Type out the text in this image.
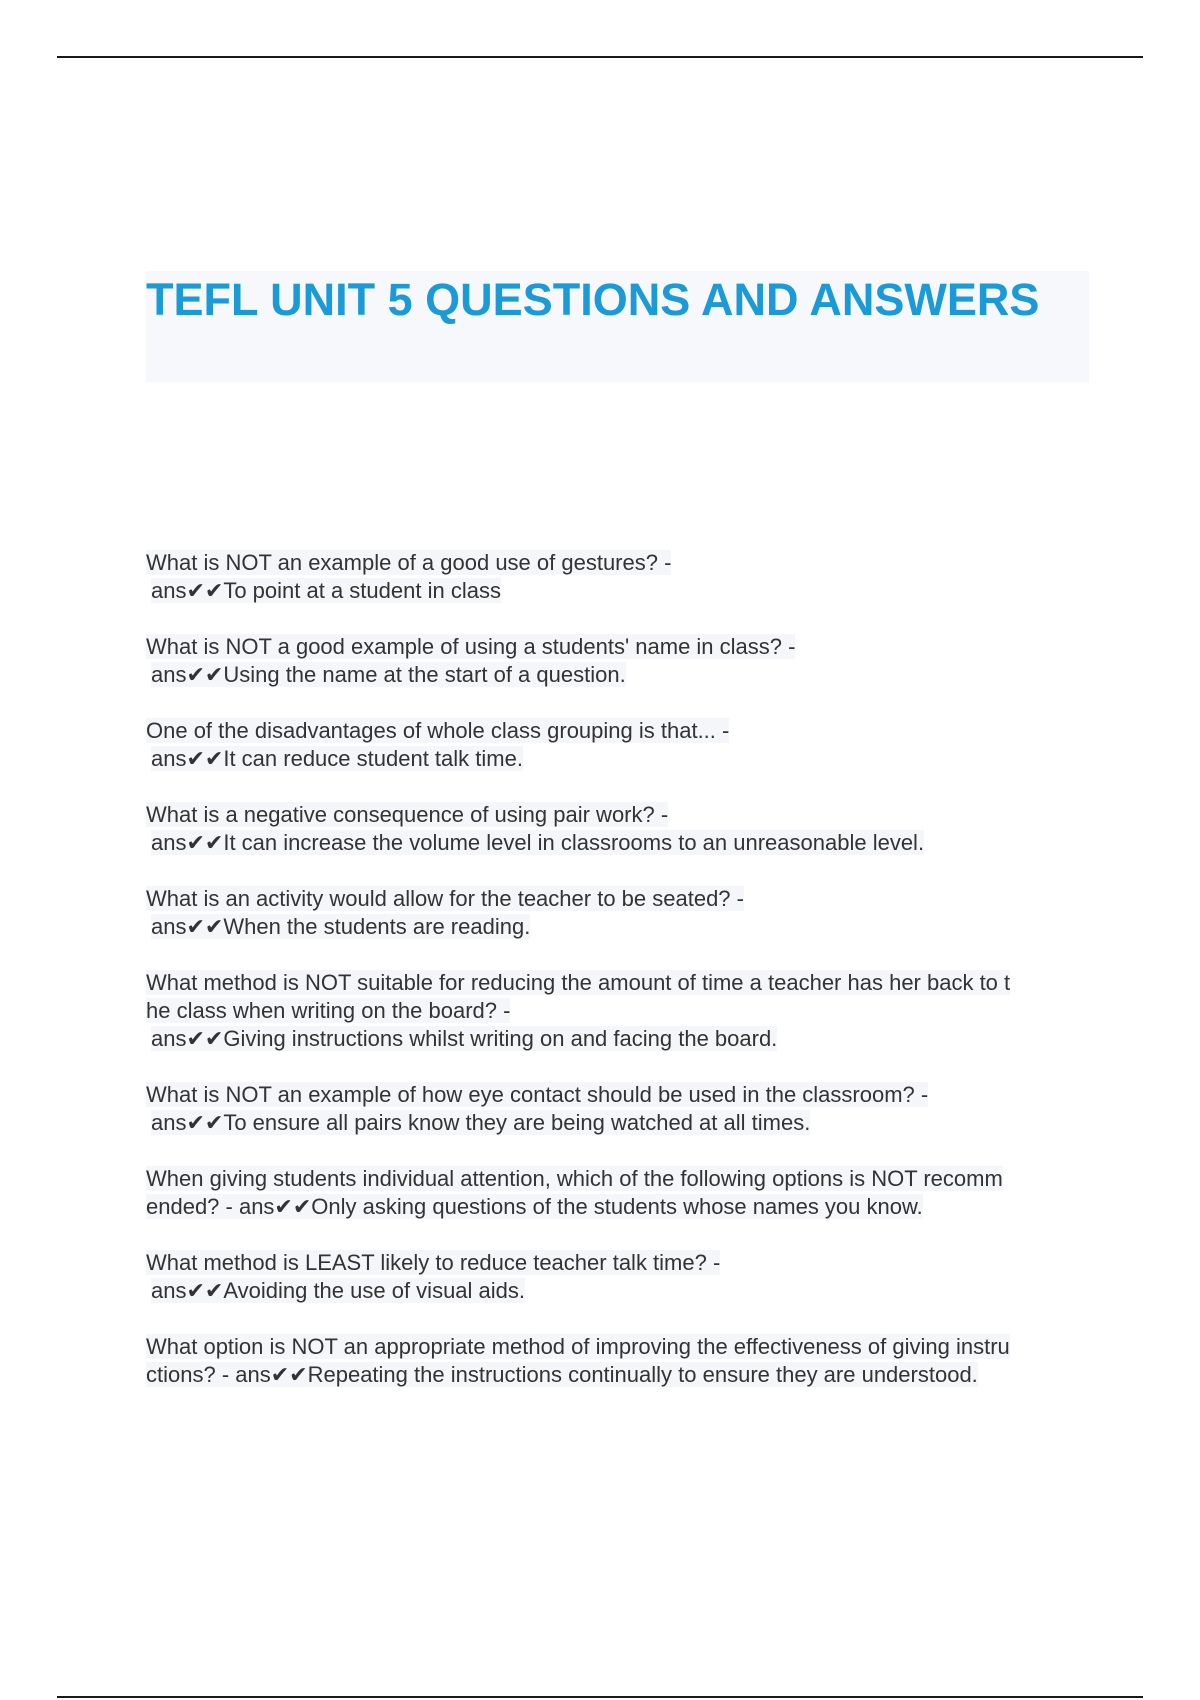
TEFL UNIT 5 QUESTIONS AND ANSWERS
What is NOT an example of a good use of gestures? -
ans✔✔To point at a student in class
What is NOT a good example of using a students' name in class? -
ans✔✔Using the name at the start of a question.
One of the disadvantages of whole class grouping is that... -
ans✔✔It can reduce student talk time.
What is a negative consequence of using pair work? -
ans✔✔It can increase the volume level in classrooms to an unreasonable level.
What is an activity would allow for the teacher to be seated? -
ans✔✔When the students are reading.
What method is NOT suitable for reducing the amount of time a teacher has her back to t
he class when writing on the board? -
ans✔✔Giving instructions whilst writing on and facing the board.
What is NOT an example of how eye contact should be used in the classroom? -
ans✔✔To ensure all pairs know they are being watched at all times.
When giving students individual attention, which of the following options is NOT recomm
ended? - ans✔✔Only asking questions of the students whose names you know.
What method is LEAST likely to reduce teacher talk time? -
ans✔✔Avoiding the use of visual aids.
What option is NOT an appropriate method of improving the effectiveness of giving instru
ctions? - ans✔✔Repeating the instructions continually to ensure they are understood.
